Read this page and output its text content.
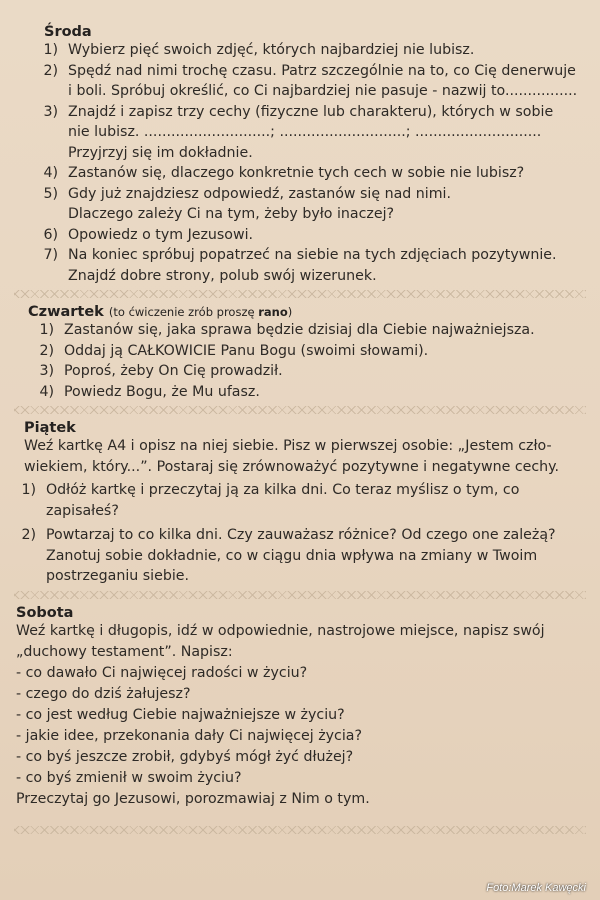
Środa
1) Wybierz pięć swoich zdjęć, których najbardziej nie lubisz.
2) Spędź nad nimi trochę czasu. Patrz szczególnie na to, co Cię denerwuje
i boli. Spróbuj określić, co Ci najbardziej nie pasuje - nazwij to................
3) Znajdź i zapisz trzy cechy (fizyczne lub charakteru), których w sobie
nie lubisz. ............................; ............................; ............................
Przyjrzyj się im dokładnie.
4) Zastanów się, dlaczego konkretnie tych cech w sobie nie lubisz?
5) Gdy już znajdziesz odpowiedź, zastanów się nad nimi.
Dlaczego zależy Ci na tym, żeby było inaczej?
6) Opowiedz o tym Jezusowi.
7) Na koniec spróbuj popatrzeć na siebie na tych zdjęciach pozytywnie.
Znajdź dobre strony, polub swój wizerunek.
Czwartek (to ćwiczenie zrób proszę rano)
1) Zastanów się, jaka sprawa będzie dzisiaj dla Ciebie najważniejsza.
2) Oddaj ją CAŁKOWICIE Panu Bogu (swoimi słowami).
3) Poproś, żeby On Cię prowadził.
4) Powiedz Bogu, że Mu ufasz.
Piątek
Weź kartkę A4 i opisz na niej siebie. Pisz w pierwszej osobie: „Jestem czło-
wiekiem, który...”. Postaraj się zrównoważyć pozytywne i negatywne cechy.
1) Odłóż kartkę i przeczytaj ją za kilka dni. Co teraz myślisz o tym, co
zapisałeś?
2) Powtarzaj to co kilka dni. Czy zauważasz różnice? Od czego one zależą?
Zanotuj sobie dokładnie, co w ciągu dnia wpływa na zmiany w Twoim
postrzeganiu siebie.
Sobota
Weź kartkę i długopis, idź w odpowiednie, nastrojowe miejsce, napisz swój
„duchowy testament”. Napisz:
- co dawało Ci najwięcej radości w życiu?
- czego do dziś żałujesz?
- co jest według Ciebie najważniejsze w życiu?
- jakie idee, przekonania dały Ci najwięcej życia?
- co byś jeszcze zrobił, gdybyś mógł żyć dłużej?
- co byś zmienił w swoim życiu?
Przeczytaj go Jezusowi, porozmawiaj z Nim o tym.
Foto:Marek Kawęcki
